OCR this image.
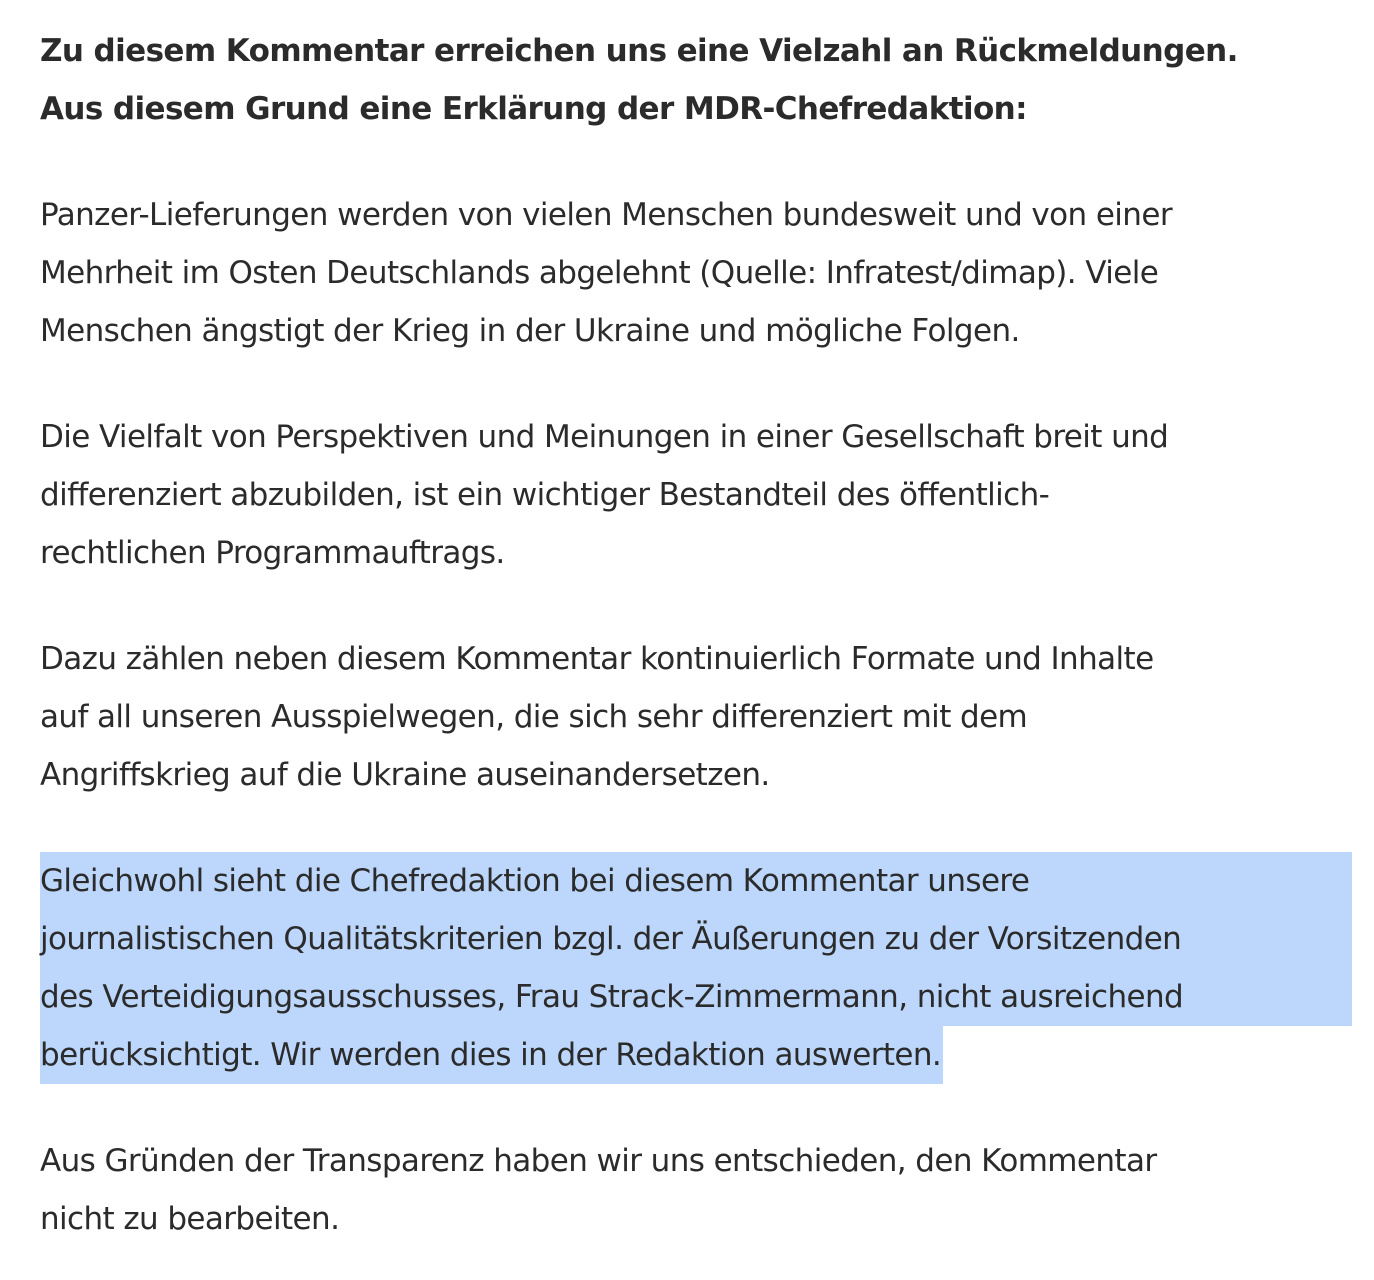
Zu diesem Kommentar erreichen uns eine Vielzahl an Rückmeldungen.
Aus diesem Grund eine Erklärung der MDR-Chefredaktion:
Panzer-Lieferungen werden von vielen Menschen bundesweit und von einer
Mehrheit im Osten Deutschlands abgelehnt (Quelle: Infratest/dimap). Viele
Menschen ängstigt der Krieg in der Ukraine und mögliche Folgen.
Die Vielfalt von Perspektiven und Meinungen in einer Gesellschaft breit und
differenziert abzubilden, ist ein wichtiger Bestandteil des öffentlich-
rechtlichen Programmauftrags.
Dazu zählen neben diesem Kommentar kontinuierlich Formate und Inhalte
auf all unseren Ausspielwegen, die sich sehr differenziert mit dem
Angriffskrieg auf die Ukraine auseinandersetzen.
Gleichwohl sieht die Chefredaktion bei diesem Kommentar unsere
journalistischen Qualitätskriterien bzgl. der Äußerungen zu der Vorsitzenden
des Verteidigungsausschusses, Frau Strack-Zimmermann, nicht ausreichend
berücksichtigt. Wir werden dies in der Redaktion auswerten.
Aus Gründen der Transparenz haben wir uns entschieden, den Kommentar
nicht zu bearbeiten.
